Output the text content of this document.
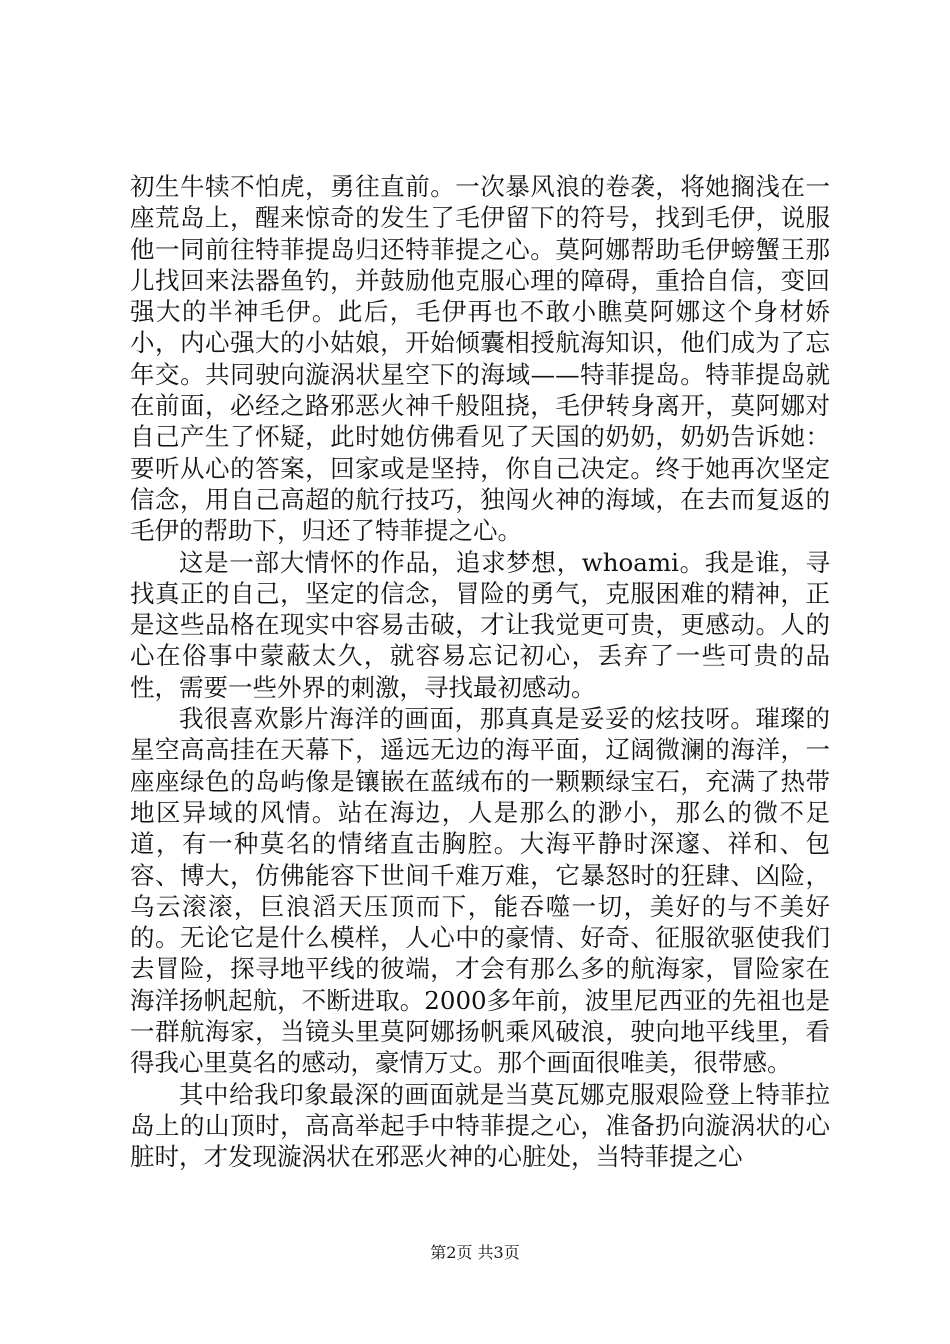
初生牛犊不怕虎，勇往直前。一次暴风浪的卷袭，将她搁浅在一座荒岛上，醒来惊奇的发生了毛伊留下的符号，找到毛伊，说服他一同前往特菲提岛归还特菲提之心。莫阿娜帮助毛伊螃蟹王那儿找回来法器鱼钓，并鼓励他克服心理的障碍，重拾自信，变回强大的半神毛伊。此后，毛伊再也不敢小瞧莫阿娜这个身材娇小，内心强大的小姑娘，开始倾囊相授航海知识，他们成为了忘年交。共同驶向漩涡状星空下的海域——特菲提岛。特菲提岛就在前面，必经之路邪恶火神千般阻挠，毛伊转身离开，莫阿娜对自己产生了怀疑，此时她仿佛看见了天国的奶奶，奶奶告诉她：要听从心的答案，回家或是坚持，你自己决定。终于她再次坚定信念，用自己高超的航行技巧，独闯火神的海域，在去而复返的毛伊的帮助下，归还了特菲提之心。

这是一部大情怀的作品，追求梦想，whoami。我是谁，寻找真正的自己，坚定的信念，冒险的勇气，克服困难的精神，正是这些品格在现实中容易击破，才让我觉更可贵，更感动。人的心在俗事中蒙蔽太久，就容易忘记初心，丢弃了一些可贵的品性，需要一些外界的刺激，寻找最初感动。

我很喜欢影片海洋的画面，那真真是妥妥的炫技呀。璀璨的星空高高挂在天幕下，遥远无边的海平面，辽阔微澜的海洋，一座座绿色的岛屿像是镶嵌在蓝绒布的一颗颗绿宝石，充满了热带地区异域的风情。站在海边，人是那么的渺小，那么的微不足道，有一种莫名的情绪直击胸腔。大海平静时深邃、祥和、包容、博大，仿佛能容下世间千难万难，它暴怒时的狂肆、凶险，乌云滚滚，巨浪滔天压顶而下，能吞噬一切，美好的与不美好的。无论它是什么模样，人心中的豪情、好奇、征服欲驱使我们去冒险，探寻地平线的彼端，才会有那么多的航海家，冒险家在海洋扬帆起航，不断进取。2000多年前，波里尼西亚的先祖也是一群航海家，当镜头里莫阿娜扬帆乘风破浪，驶向地平线里，看得我心里莫名的感动，豪情万丈。那个画面很唯美，很带感。

其中给我印象最深的画面就是当莫瓦娜克服艰险登上特菲拉岛上的山顶时，高高举起手中特菲提之心，准备扔向漩涡状的心脏时，才发现漩涡状在邪恶火神的心脏处，当特菲提之心

第2页 共3页
